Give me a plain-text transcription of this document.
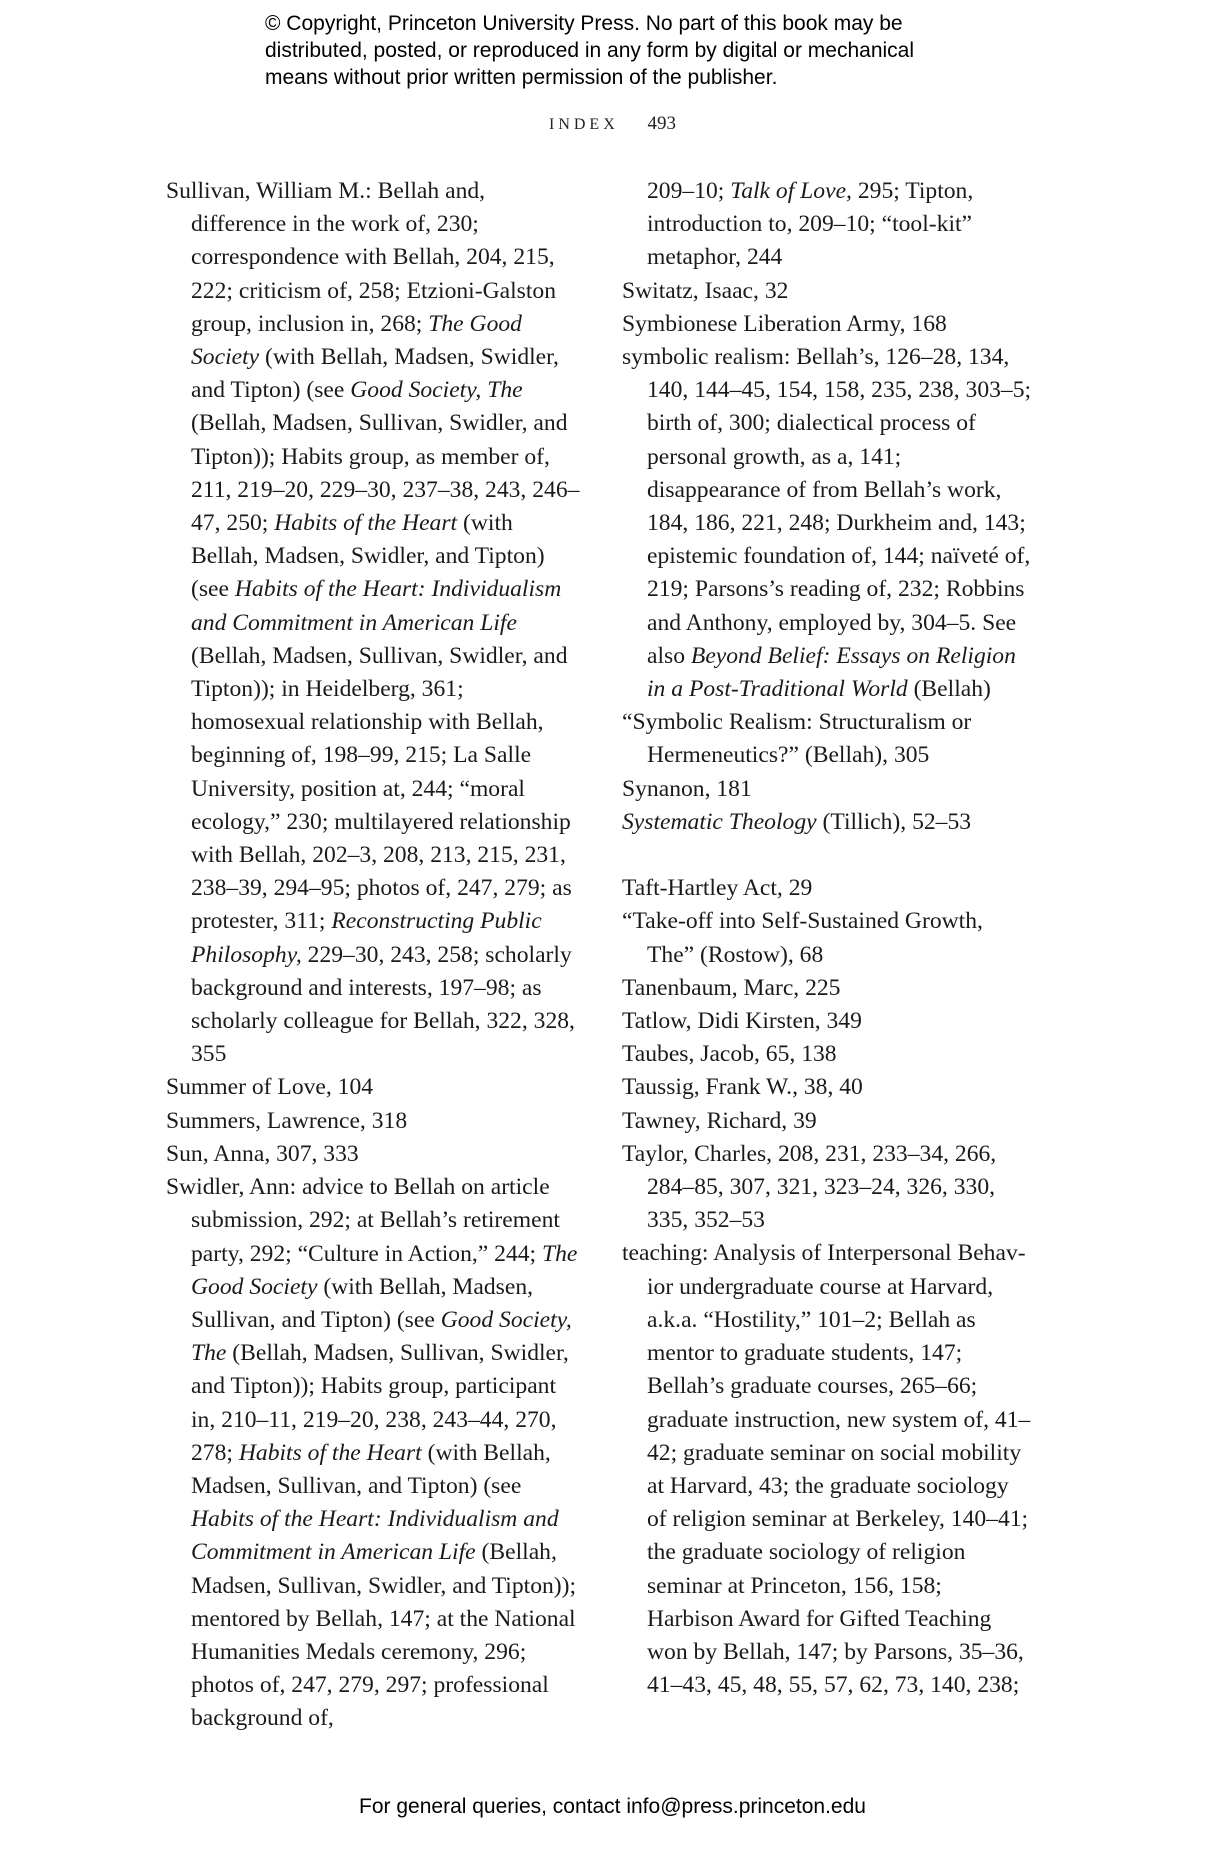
© Copyright, Princeton University Press. No part of this book may be
distributed, posted, or reproduced in any form by digital or mechanical
means without prior written permission of the publisher.
INDEX 493
Sullivan, William M.: Bellah and, difference in the work of, 230; correspondence with Bellah, 204, 215, 222; criticism of, 258; Etzioni-Galston group, inclusion in, 268; The Good Society (with Bellah, Madsen, Swidler, and Tipton) (see Good Society, The (Bellah, Madsen, Sullivan, Swidler, and Tipton)); Habits group, as member of, 211, 219–20, 229–30, 237–38, 243, 246–47, 250; Habits of the Heart (with Bellah, Madsen, Swidler, and Tipton) (see Habits of the Heart: Individualism and Commitment in American Life (Bellah, Madsen, Sullivan, Swidler, and Tipton)); in Heidelberg, 361; homosexual relationship with Bellah, beginning of, 198–99, 215; La Salle University, position at, 244; “moral ecology,” 230; multilayered relationship with Bellah, 202–3, 208, 213, 215, 231, 238–39, 294–95; photos of, 247, 279; as protester, 311; Reconstructing Public Philosophy, 229–30, 243, 258; scholarly background and interests, 197–98; as scholarly colleague for Bellah, 322, 328, 355
Summer of Love, 104
Summers, Lawrence, 318
Sun, Anna, 307, 333
Swidler, Ann: advice to Bellah on article submission, 292; at Bellah’s retirement party, 292; “Culture in Action,” 244; The Good Society (with Bellah, Madsen, Sullivan, and Tipton) (see Good Society, The (Bellah, Madsen, Sullivan, Swidler, and Tipton)); Habits group, participant in, 210–11, 219–20, 238, 243–44, 270, 278; Habits of the Heart (with Bellah, Madsen, Sullivan, and Tipton) (see Habits of the Heart: Individualism and Commitment in American Life (Bellah, Madsen, Sullivan, Swidler, and Tipton)); mentored by Bellah, 147; at the National Humanities Medals ceremony, 296; photos of, 247, 279, 297; professional background of,
209–10; Talk of Love, 295; Tipton, introduction to, 209–10; “tool-kit” metaphor, 244
Switatz, Isaac, 32
Symbionese Liberation Army, 168
symbolic realism: Bellah’s, 126–28, 134, 140, 144–45, 154, 158, 235, 238, 303–5; birth of, 300; dialectical process of personal growth, as a, 141; disappearance of from Bellah’s work, 184, 186, 221, 248; Durkheim and, 143; epistemic foundation of, 144; naïveté of, 219; Parsons’s reading of, 232; Robbins and Anthony, employed by, 304–5. See also Beyond Belief: Essays on Religion in a Post-Traditional World (Bellah)
“Symbolic Realism: Structuralism or Hermeneutics?” (Bellah), 305
Synanon, 181
Systematic Theology (Tillich), 52–53
Taft-Hartley Act, 29
“Take-off into Self-Sustained Growth, The” (Rostow), 68
Tanenbaum, Marc, 225
Tatlow, Didi Kirsten, 349
Taubes, Jacob, 65, 138
Taussig, Frank W., 38, 40
Tawney, Richard, 39
Taylor, Charles, 208, 231, 233–34, 266, 284–85, 307, 321, 323–24, 326, 330, 335, 352–53
teaching: Analysis of Interpersonal Behavior undergraduate course at Harvard, a.k.a. “Hostility,” 101–2; Bellah as mentor to graduate students, 147; Bellah’s graduate courses, 265–66; graduate instruction, new system of, 41–42; graduate seminar on social mobility at Harvard, 43; the graduate sociology of religion seminar at Berkeley, 140–41; the graduate sociology of religion seminar at Princeton, 156, 158; Harbison Award for Gifted Teaching won by Bellah, 147; by Parsons, 35–36, 41–43, 45, 48, 55, 57, 62, 73, 140, 238;
For general queries, contact info@press.princeton.edu
